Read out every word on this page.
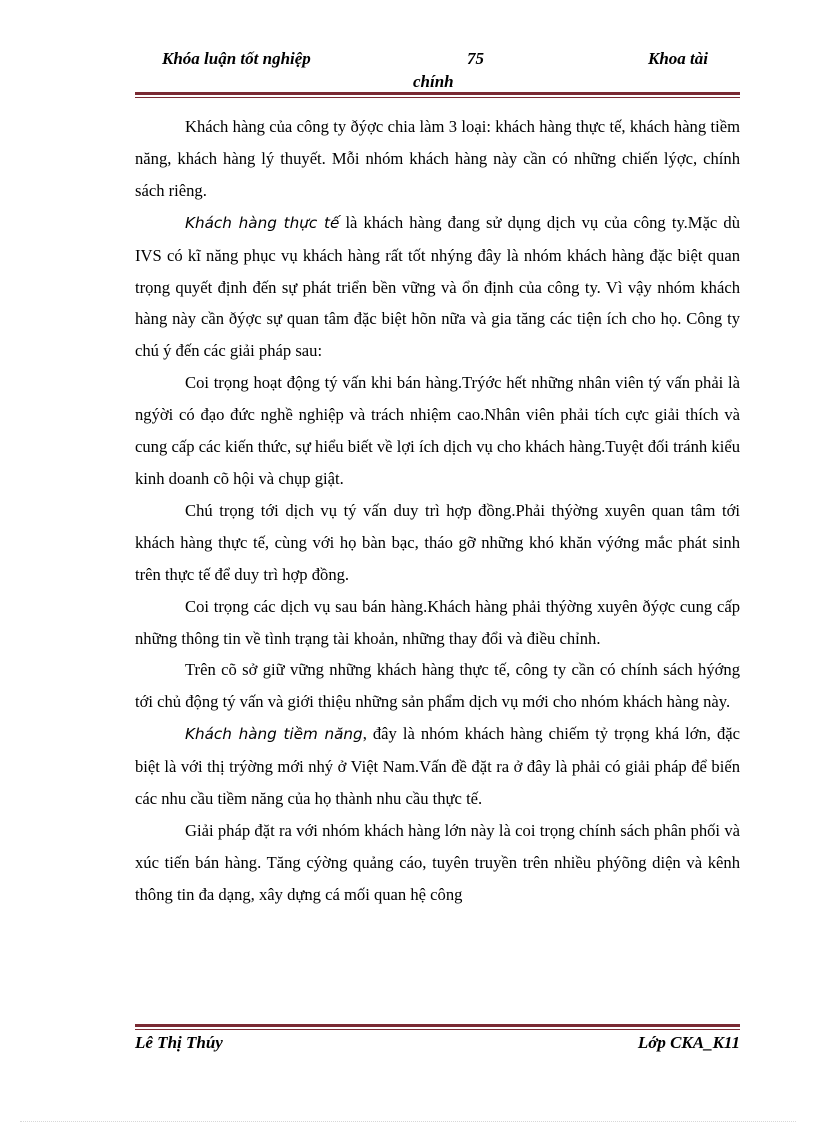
Khóa luận tốt nghiệp	75	Khoa tài
chính

Khách hàng của công ty ðýợc chia làm 3 loại: khách hàng thực tế, khách hàng tiềm năng, khách hàng lý thuyết. Mỗi nhóm khách hàng này cần có những chiến lýợc, chính sách riêng.

Khách hàng thực tế là khách hàng đang sử dụng dịch vụ của công ty.Mặc dù IVS có kĩ năng phục vụ khách hàng rất tốt nhýng đây là nhóm khách hàng đặc biệt quan trọng quyết định đến sự phát triển bền vững và ổn định của công ty. Vì vậy nhóm khách hàng này cần ðýợc sự quan tâm đặc biệt hõn nữa và gia tăng các tiện ích cho họ. Công ty chú ý đến các giải pháp sau:

Coi trọng hoạt động tý vấn khi bán hàng.Trýớc hết những nhân viên tý vấn phải là ngýời có đạo đức nghề nghiệp và trách nhiệm cao.Nhân viên phải tích cực giải thích và cung cấp các kiến thức, sự hiểu biết về lợi ích dịch vụ cho khách hàng.Tuyệt đối tránh kiểu kinh doanh cõ hội và chụp giật.

Chú trọng tới dịch vụ tý vấn duy trì hợp đồng.Phải thýờng xuyên quan tâm tới khách hàng thực tế, cùng với họ bàn bạc, tháo gỡ những khó khăn výớng mắc phát sinh trên thực tế để duy trì hợp đồng.

Coi trọng các dịch vụ sau bán hàng.Khách hàng phải thýờng xuyên ðýợc cung cấp những thông tin về tình trạng tài khoản, những thay đổi và điều chỉnh.

Trên cõ sở giữ vững những khách hàng thực tế, công ty cần có chính sách hýớng tới chủ động tý vấn và giới thiệu những sản phẩm dịch vụ mới cho nhóm khách hàng này.

Khách hàng tiềm năng, đây là nhóm khách hàng chiếm tỷ trọng khá lớn, đặc biệt là với thị trýờng mới nhý ở Việt Nam.Vấn đề đặt ra ở đây là phải có giải pháp để biến các nhu cầu tiềm năng của họ thành nhu cầu thực tế.

Giải pháp đặt ra với nhóm khách hàng lớn này là coi trọng chính sách phân phối và xúc tiến bán hàng. Tăng cýờng quảng cáo, tuyên truyền trên nhiều phýõng diện và kênh thông tin đa dạng, xây dựng cá mối quan hệ công

Lê Thị Thúy	Lớp CKA_K11
